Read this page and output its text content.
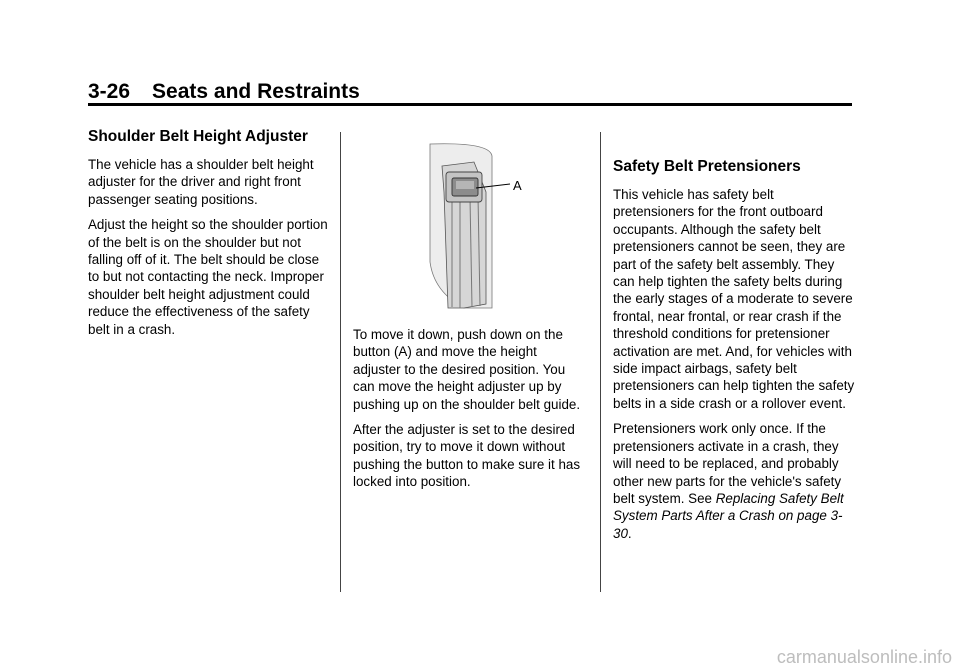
3-26 Seats and Restraints
Shoulder Belt Height Adjuster

The vehicle has a shoulder belt height adjuster for the driver and right front passenger seating positions.

Adjust the height so the shoulder portion of the belt is on the shoulder but not falling off of it. The belt should be close to but not contacting the neck. Improper shoulder belt height adjustment could reduce the effectiveness of the safety belt in a crash.

A

To move it down, push down on the button (A) and move the height adjuster to the desired position. You can move the height adjuster up by pushing up on the shoulder belt guide.

After the adjuster is set to the desired position, try to move it down without pushing the button to make sure it has locked into position.

Safety Belt Pretensioners

This vehicle has safety belt pretensioners for the front outboard occupants. Although the safety belt pretensioners cannot be seen, they are part of the safety belt assembly. They can help tighten the safety belts during the early stages of a moderate to severe frontal, near frontal, or rear crash if the threshold conditions for pretensioner activation are met. And, for vehicles with side impact airbags, safety belt pretensioners can help tighten the safety belts in a side crash or a rollover event.

Pretensioners work only once. If the pretensioners activate in a crash, they will need to be replaced, and probably other new parts for the vehicle's safety belt system. See Replacing Safety Belt System Parts After a Crash on page 3-30.

carmanualsonline.info
